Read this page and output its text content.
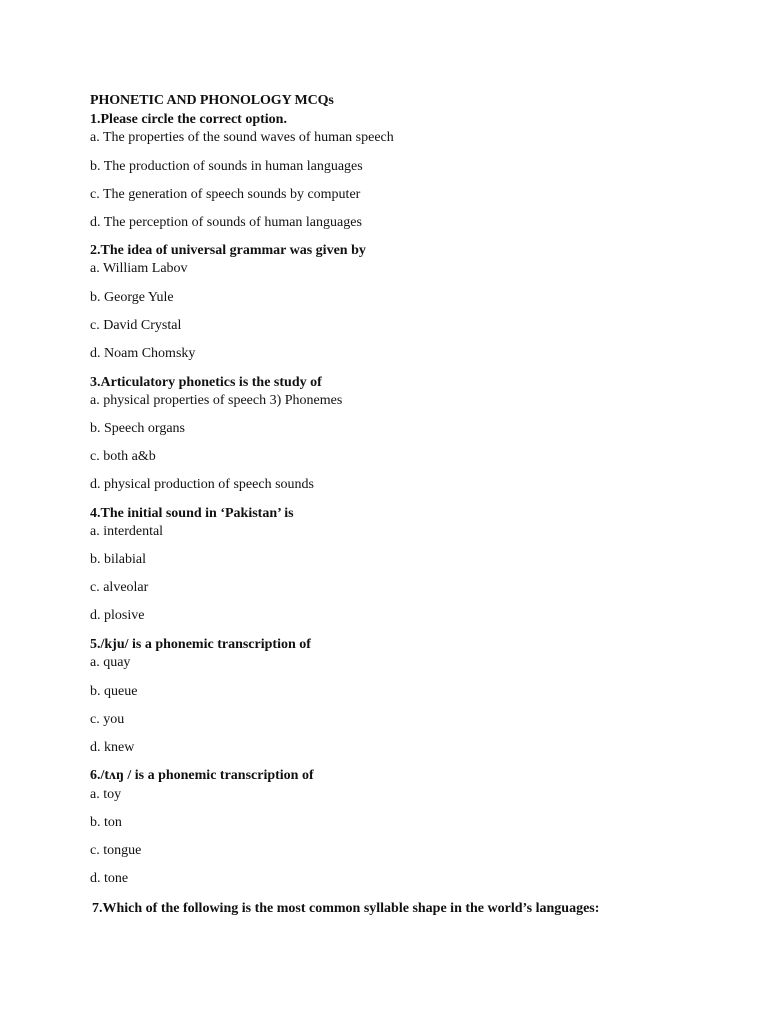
PHONETIC AND PHONOLOGY MCQs
1.Please circle the correct option.
a. The properties of the sound waves of human speech
b. The production of sounds in human languages
c. The generation of speech sounds by computer
d. The perception of sounds of human languages
2.The idea of universal grammar was given by
a. William Labov
b. George Yule
c. David Crystal
d. Noam Chomsky
3.Articulatory phonetics is the study of
a. physical properties of speech 3) Phonemes
b. Speech organs
c. both a&b
d. physical production of speech sounds
4.The initial sound in ‘Pakistan’ is
a. interdental
b. bilabial
c. alveolar
d. plosive
5./kju/ is a phonemic transcription of
a. quay
b. queue
c. you
d. knew
6./tʌŋ / is a phonemic transcription of
a. toy
b. ton
c. tongue
d. tone
7.Which of the following is the most common syllable shape in the world’s languages:
